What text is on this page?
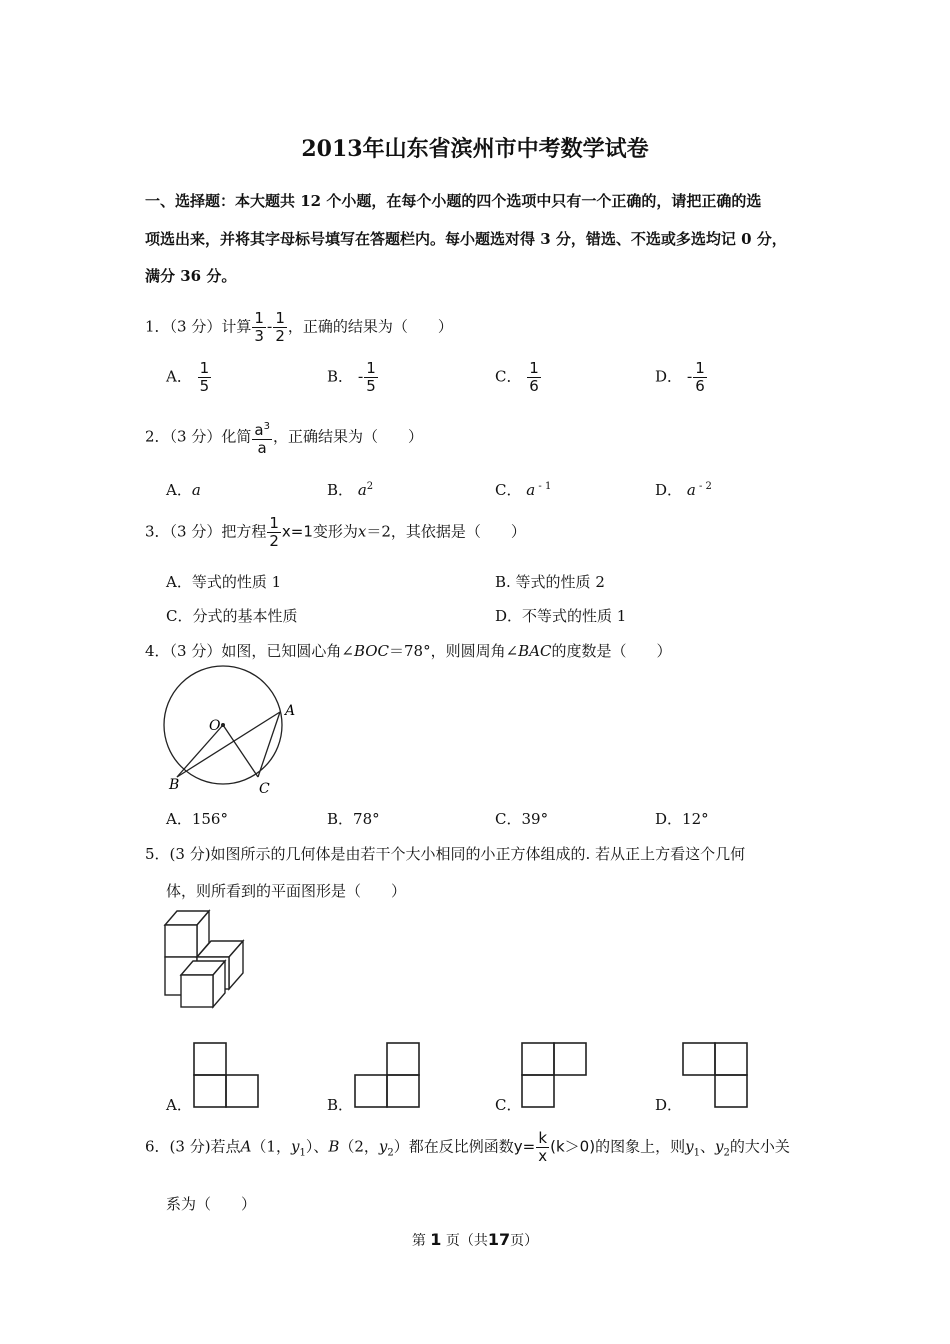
2013年山东省滨州市中考数学试卷
一、选择题：本大题共 12 个小题，在每个小题的四个选项中只有一个正确的，请把正确的选
项选出来，并将其字母标号填写在答题栏内。每小题选对得 3 分，错选、不选或多选均记 0 分，
满分 36 分。
1．（3 分）计算 $\frac{1}{3} - \frac{1}{2}$ ，正确的结果为（　　）
A． $\frac{1}{5}$	B． - $\frac{1}{5}$	C． $\frac{1}{6}$	D． - $\frac{1}{6}$
2．（3 分）化简 $\frac{a^3}{a}$ ，正确结果为（　　）
A．a	B． $a^2$	C． a $^{- 1}$	D． a $^{- 2}$
3．（3 分）把方程 $\frac{1}{2} x=1$变形为x＝2，其依据是（　　）
A．等式的性质 1	B. 等式的性质 2
C．分式的基本性质	D．不等式的性质 1
4．（3 分）如图，已知圆心角∠BOC＝78°，则圆周角∠BAC的度数是（　　）
O
A
B	C
A．156°	B．78°	C．39°	D．12°
5．(3 分)如图所示的几何体是由若干个大小相同的小正方体组成的. 若从正上方看这个几何
体，则所看到的平面图形是（　　）
A．	B．	C．	D．
6．(3 分)若点A（1，$y_1$）、B（2，$y_2$）都在反比例函数$y= \frac{k}{x} (k>0)$的图象上，则$y_1$、$y_2$的大小关
系为（　　）
第 1 页（共17页）
